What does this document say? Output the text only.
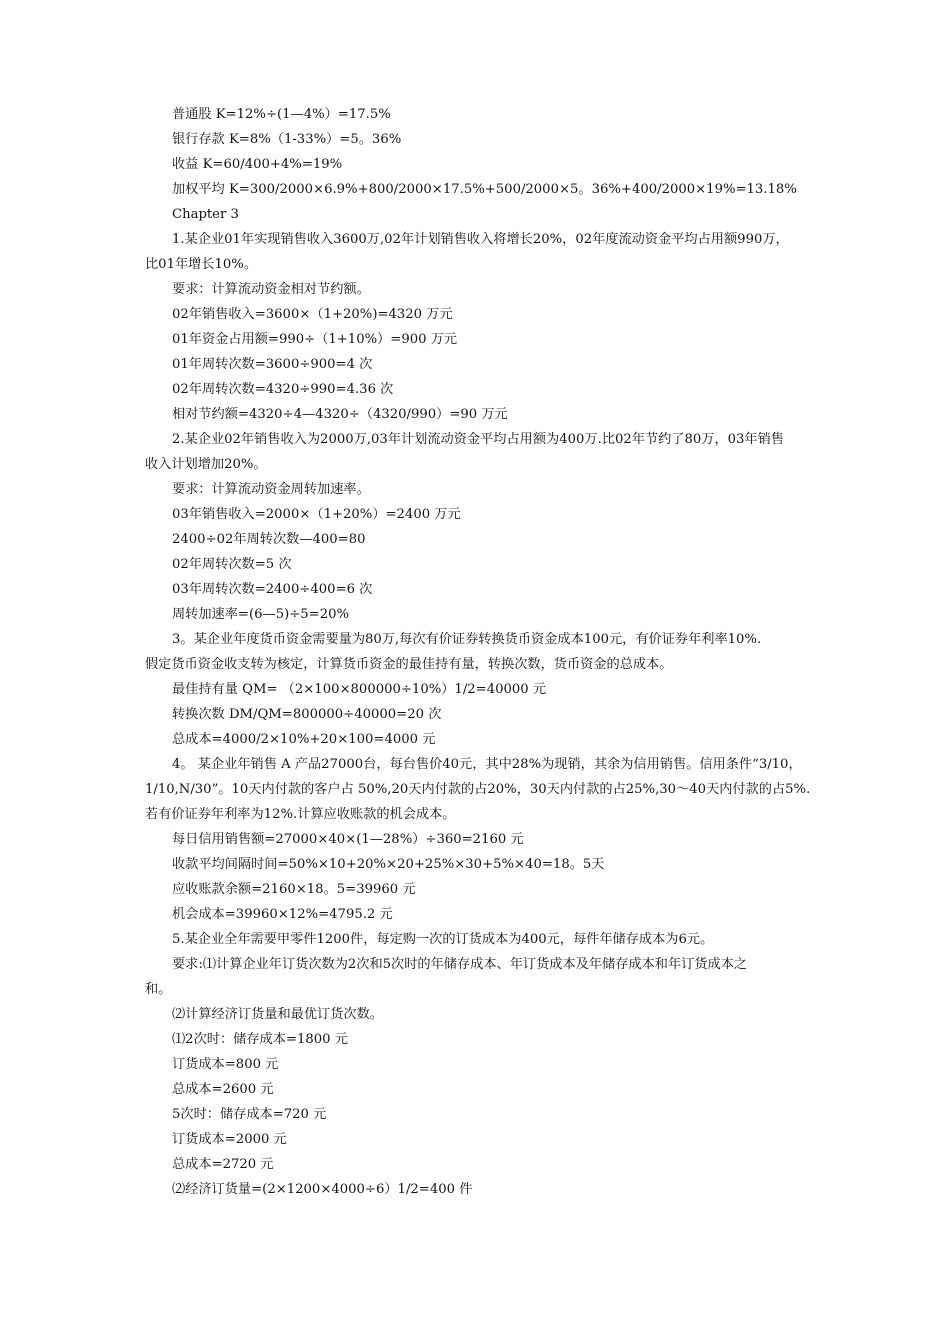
普通股 K=12%÷(1—4%）=17.5%
银行存款 K=8%（1-33%）=5。36%
收益 K=60/400+4%=19%
加权平均 K=300/2000×6.9%+800/2000×17.5%+500/2000×5。36%+400/2000×19%=13.18%
Chapter 3
1.某企业01年实现销售收入3600万,02年计划销售收入将增长20%，02年度流动资金平均占用额990万，
比01年增长10%。
要求：计算流动资金相对节约额。
02年销售收入=3600×（1+20%)=4320 万元
01年资金占用额=990÷（1+10%）=900 万元
01年周转次数=3600÷900=4 次
02年周转次数=4320÷990=4.36 次
相对节约额=4320÷4—4320÷（4320/990）=90 万元
2.某企业02年销售收入为2000万,03年计划流动资金平均占用额为400万.比02年节约了80万，03年销售
收入计划增加20%。
要求：计算流动资金周转加速率。
03年销售收入=2000×（1+20%）=2400 万元
2400÷02年周转次数—400=80
02年周转次数=5 次
03年周转次数=2400÷400=6 次
周转加速率=(6—5)÷5=20%
3。某企业年度货币资金需要量为80万,每次有价证券转换货币资金成本100元，有价证券年利率10%.
假定货币资金收支转为核定，计算货币资金的最佳持有量，转换次数，货币资金的总成本。
最佳持有量 QM= （2×100×800000÷10%）1/2=40000 元
转换次数 DM/QM=800000÷40000=20 次
总成本=4000/2×10%+20×100=4000 元
4。 某企业年销售 A 产品27000台，每台售价40元，其中28%为现销，其余为信用销售。信用条件“3/10，
1/10,N/30”。10天内付款的客户占 50%,20天内付款的占20%，30天内付款的占25%,30～40天内付款的占5%.
若有价证券年利率为12%.计算应收账款的机会成本。
每日信用销售额=27000×40×(1—28%）÷360=2160 元
收款平均间隔时间=50%×10+20%×20+25%×30+5%×40=18。5天
应收账款余额=2160×18。5=39960 元
机会成本=39960×12%=4795.2 元
5.某企业全年需要甲零件1200件，每定购一次的订货成本为400元，每件年储存成本为6元。
要求:⑴计算企业年订货次数为2次和5次时的年储存成本、年订货成本及年储存成本和年订货成本之
和。
⑵计算经济订货量和最优订货次数。
⑴2次时：储存成本=1800 元
订货成本=800 元
总成本=2600 元
5次时：储存成本=720 元
订货成本=2000 元
总成本=2720 元
⑵经济订货量=(2×1200×4000÷6）1/2=400 件
